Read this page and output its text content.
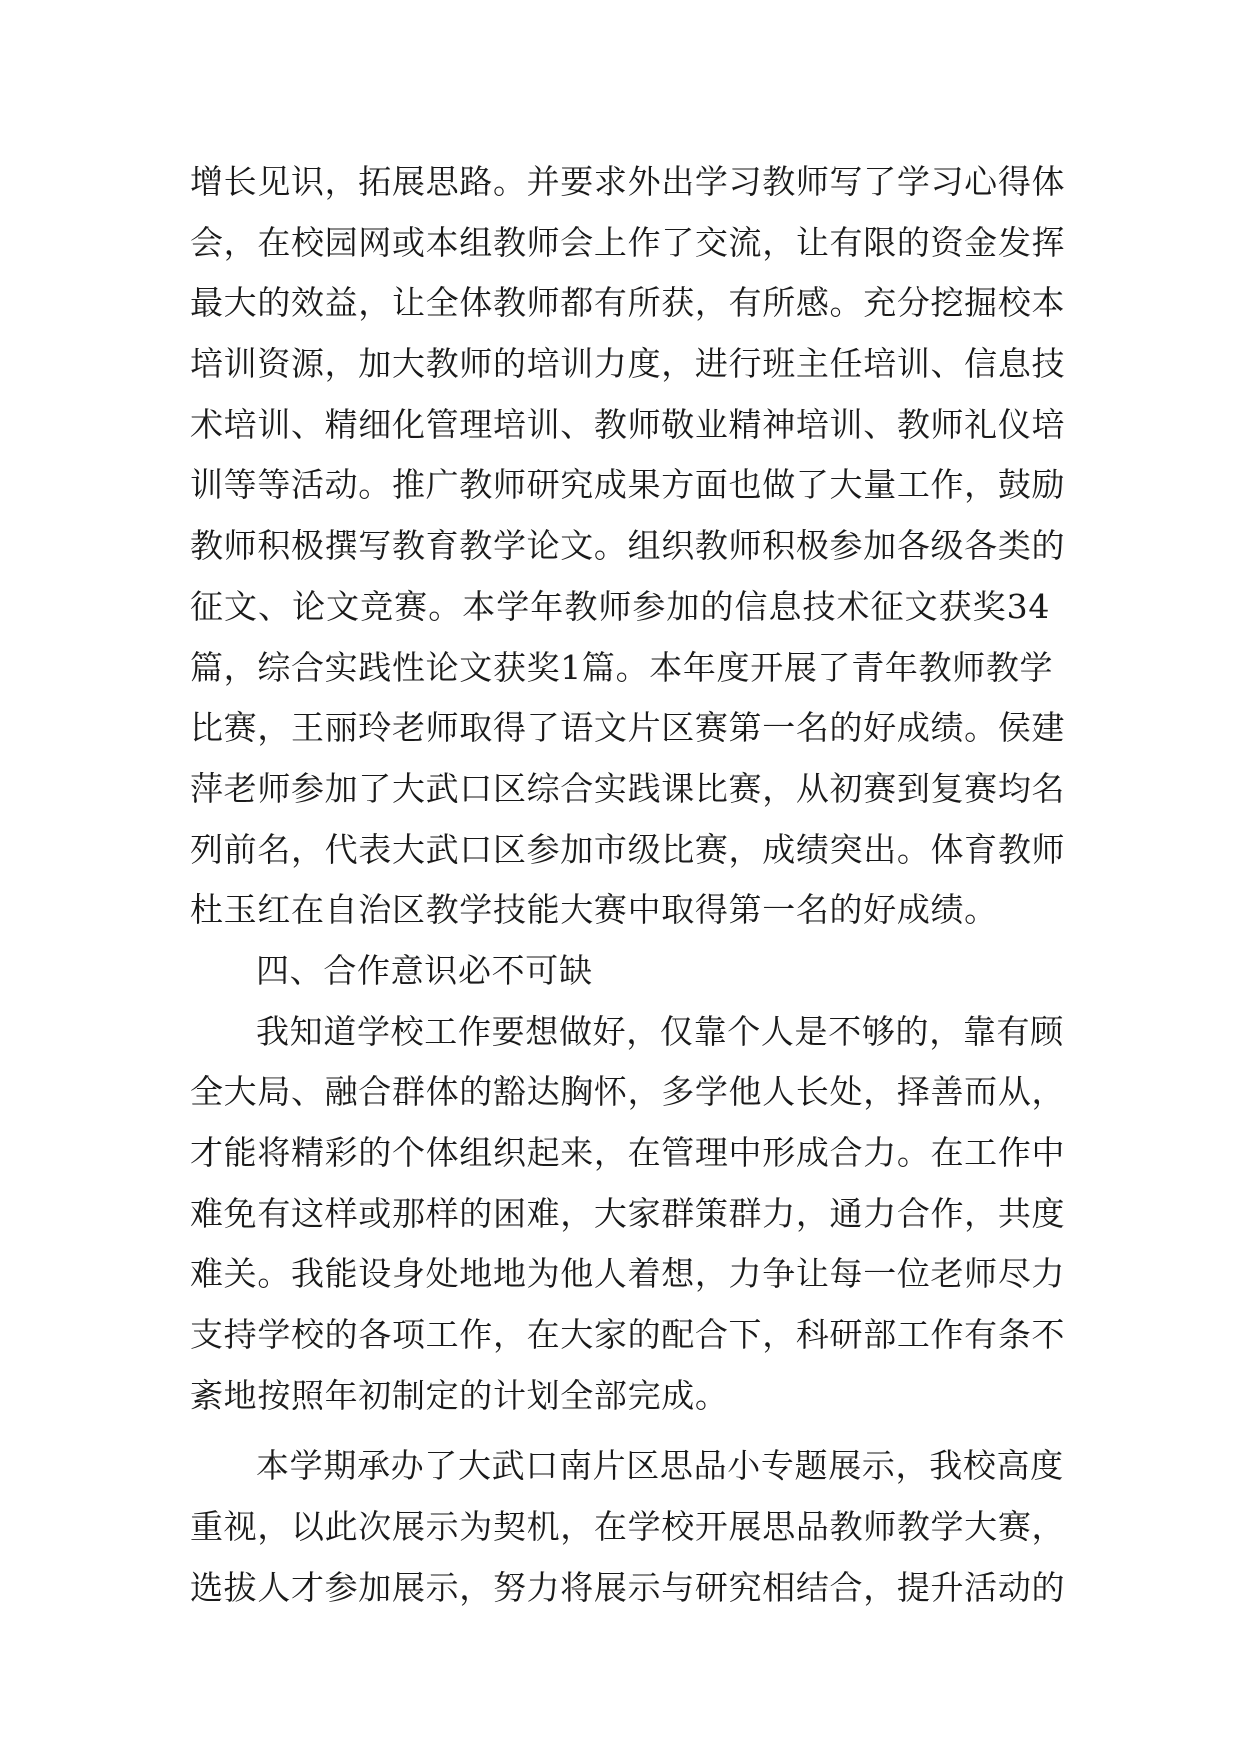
增长见识，拓展思路。并要求外出学习教师写了学习心得体
会，在校园网或本组教师会上作了交流，让有限的资金发挥
最大的效益，让全体教师都有所获，有所感。充分挖掘校本
培训资源，加大教师的培训力度，进行班主任培训、信息技
术培训、精细化管理培训、教师敬业精神培训、教师礼仪培
训等等活动。推广教师研究成果方面也做了大量工作，鼓励
教师积极撰写教育教学论文。组织教师积极参加各级各类的
征文、论文竞赛。本学年教师参加的信息技术征文获奖34
篇，综合实践性论文获奖1篇。本年度开展了青年教师教学
比赛，王丽玲老师取得了语文片区赛第一名的好成绩。侯建
萍老师参加了大武口区综合实践课比赛，从初赛到复赛均名
列前名，代表大武口区参加市级比赛，成绩突出。体育教师
杜玉红在自治区教学技能大赛中取得第一名的好成绩。
四、合作意识必不可缺
我知道学校工作要想做好，仅靠个人是不够的，靠有顾
全大局、融合群体的豁达胸怀，多学他人长处，择善而从，
才能将精彩的个体组织起来，在管理中形成合力。在工作中
难免有这样或那样的困难，大家群策群力，通力合作，共度
难关。我能设身处地地为他人着想，力争让每一位老师尽力
支持学校的各项工作，在大家的配合下，科研部工作有条不
紊地按照年初制定的计划全部完成。
本学期承办了大武口南片区思品小专题展示，我校高度
重视，以此次展示为契机，在学校开展思品教师教学大赛，
选拔人才参加展示，努力将展示与研究相结合，提升活动的
